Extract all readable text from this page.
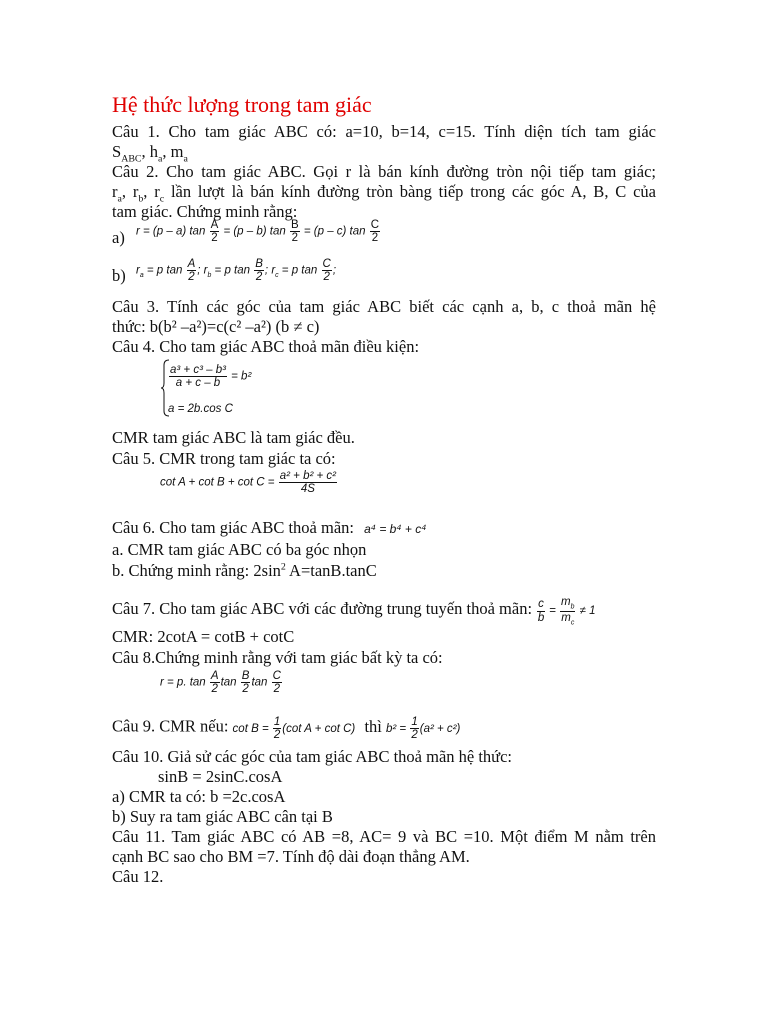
Hệ thức lượng trong tam giác
Câu 1. Cho tam giác ABC có: a=10, b=14, c=15. Tính diện tích tam giác
$S_{ABC}$, $h_a$, $m_a$
Câu 2. Cho tam giác ABC. Gọi r là bán kính đường tròn nội tiếp tam giác;
$r_a$, $r_b$, $r_c$ lần lượt là bán kính đường tròn bàng tiếp trong các góc A, B, C của
tam giác. Chứng minh rằng:
a) r = (p – a) $\tan \frac{A}{2} = (p - b)$ $\tan \frac{B}{2} = (p - c)$ $\tan \frac{C}{2}$
b) $r_a = p$ $\tan \frac{A}{2}$ ; $r_b = p$ $\tan \frac{B}{2}$ ; $r_c = p$ $\tan \frac{C}{2}$ ;
Câu 3. Tính các góc của tam giác ABC biết các cạnh a, b, c thoả mãn hệ
thức: b(b² –a²)=c(c² –a²) (b ≠ c)
Câu 4. Cho tam giác ABC thoả mãn điều kiện:
$\frac{\text{a³ + c³ – b³}}{a + c - b} = b^2$
a = 2b.cos C
CMR tam giác ABC là tam giác đều.
Câu 5. CMR trong tam giác ta có:
$\cot A + \cot B + \cot C = \frac{\text{a² + b² + c²}}{4S}$
Câu 6. Cho tam giác ABC thoả mãn: a⁴ = b⁴ + c⁴
a. CMR tam giác ABC có ba góc nhọn
b. Chứng minh rằng: $2\sin^2$ A=tanB.tanC
Câu 7. Cho tam giác ABC với các đường trung tuyến thoả mãn: $\frac{c}{b} = \frac{m_b}{m_c} \ne 1$
CMR: 2cotA = cotB + cotC
Câu 8.Chứng minh rằng với tam giác bất kỳ ta có:
r = p. $\tan \frac{A}{2}$ $\tan \frac{B}{2}$ $\tan \frac{C}{2}$
Câu 9. CMR nếu: $\cot B = \frac{1}{2} (\cot$ A + cot C) thì $b^2 = \frac{1}{2} (a^2 + c^2)$
Câu 10. Giả sử các góc của tam giác ABC thoả mãn hệ thức:
sinB = 2sinC.cosA
a) CMR ta có: b =2c.cosA
b) Suy ra tam giác ABC cân tại B
Câu 11. Tam giác ABC có AB =8, AC= 9 và BC =10. Một điểm M nằm trên
cạnh BC sao cho BM =7. Tính độ dài đoạn thẳng AM.
Câu 12.
